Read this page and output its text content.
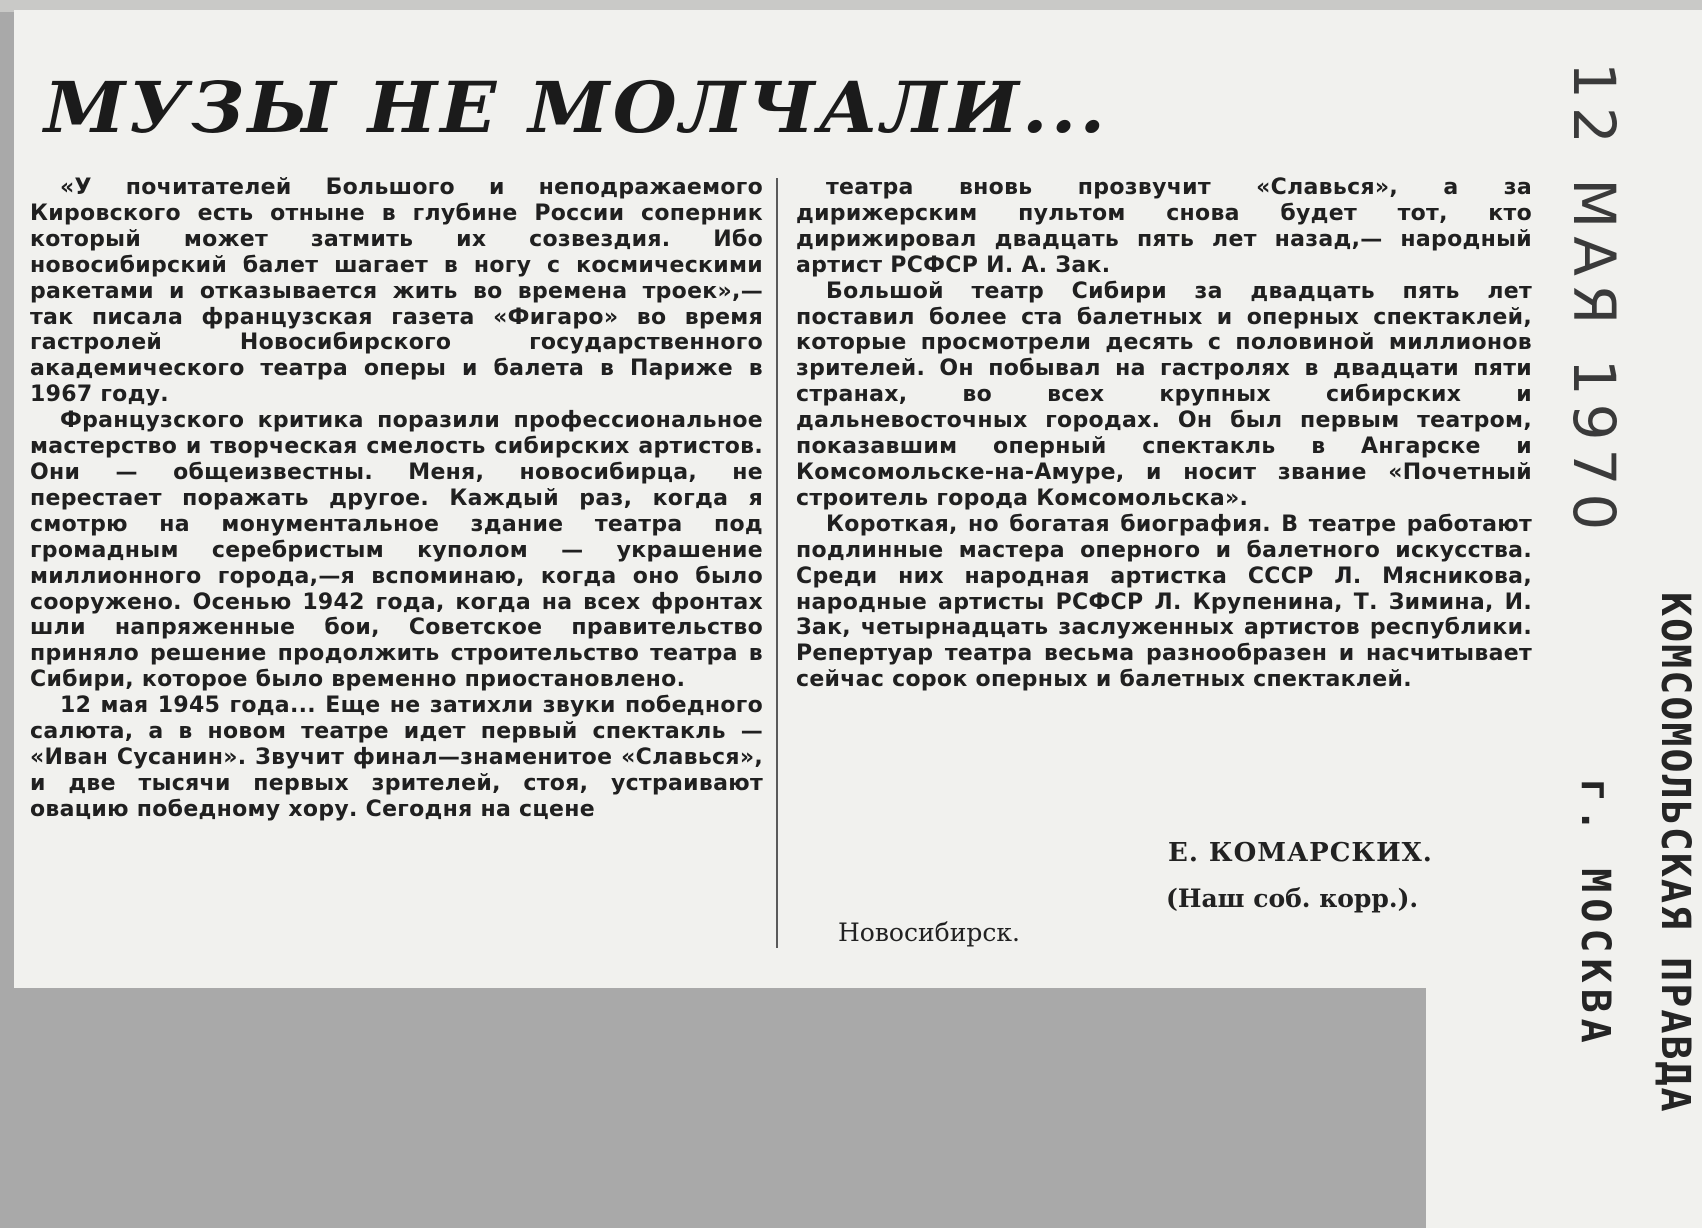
МУЗЫ НЕ МОЛЧАЛИ...

«У почитателей Большого и неподражаемого Кировского есть отныне в глубине России соперник который может затмить их созвездия. Ибо новосибирский балет шагает в ногу с космическими ракетами и отказывается жить во времена троек»,— так писала французская газета «Фигаро» во время гастролей Новосибирского государственного академического театра оперы и балета в Париже в 1967 году.

Французского критика поразили профессиональное мастерство и творческая смелость сибирских артистов. Они — общеизвестны. Меня, новосибирца, не перестает поражать другое. Каждый раз, когда я смотрю на монументальное здание театра под громадным серебристым куполом — украшение миллионного города,—я вспоминаю, когда оно было сооружено. Осенью 1942 года, когда на всех фронтах шли напряженные бои, Советское правительство приняло решение продолжить строительство театра в Сибири, которое было временно приостановлено.

12 мая 1945 года... Еще не затихли звуки победного салюта, а в новом театре идет первый спектакль — «Иван Сусанин». Звучит финал—знаменитое «Славься», и две тысячи первых зрителей, стоя, устраивают овацию победному хору. Сегодня на сцене

театра вновь прозвучит «Славься», а за дирижерским пультом снова будет тот, кто дирижировал двадцать пять лет назад,— народный артист РСФСР И. А. Зак.

Большой театр Сибири за двадцать пять лет поставил более ста балетных и оперных спектаклей, которые просмотрели десять с половиной миллионов зрителей. Он побывал на гастролях в двадцати пяти странах, во всех крупных сибирских и дальневосточных городах. Он был первым театром, показавшим оперный спектакль в Ангарске и Комсомольске-на-Амуре, и носит звание «Почетный строитель города Комсомольска».

Короткая, но богатая биография. В театре работают подлинные мастера оперного и балетного искусства. Среди них народная артистка СССР Л. Мясникова, народные артисты РСФСР Л. Крупенина, Т. Зимина, И. Зак, четырнадцать заслуженных артистов республики. Репертуар театра весьма разнообразен и насчитывает сейчас сорок оперных и балетных спектаклей.

Е. КОМАРСКИХ.
(Наш соб. корр.).
Новосибирск.
12 МАЯ 1970
КОМСОМОЛЬСКАЯ ПРАВДА
г. МОСКВА
